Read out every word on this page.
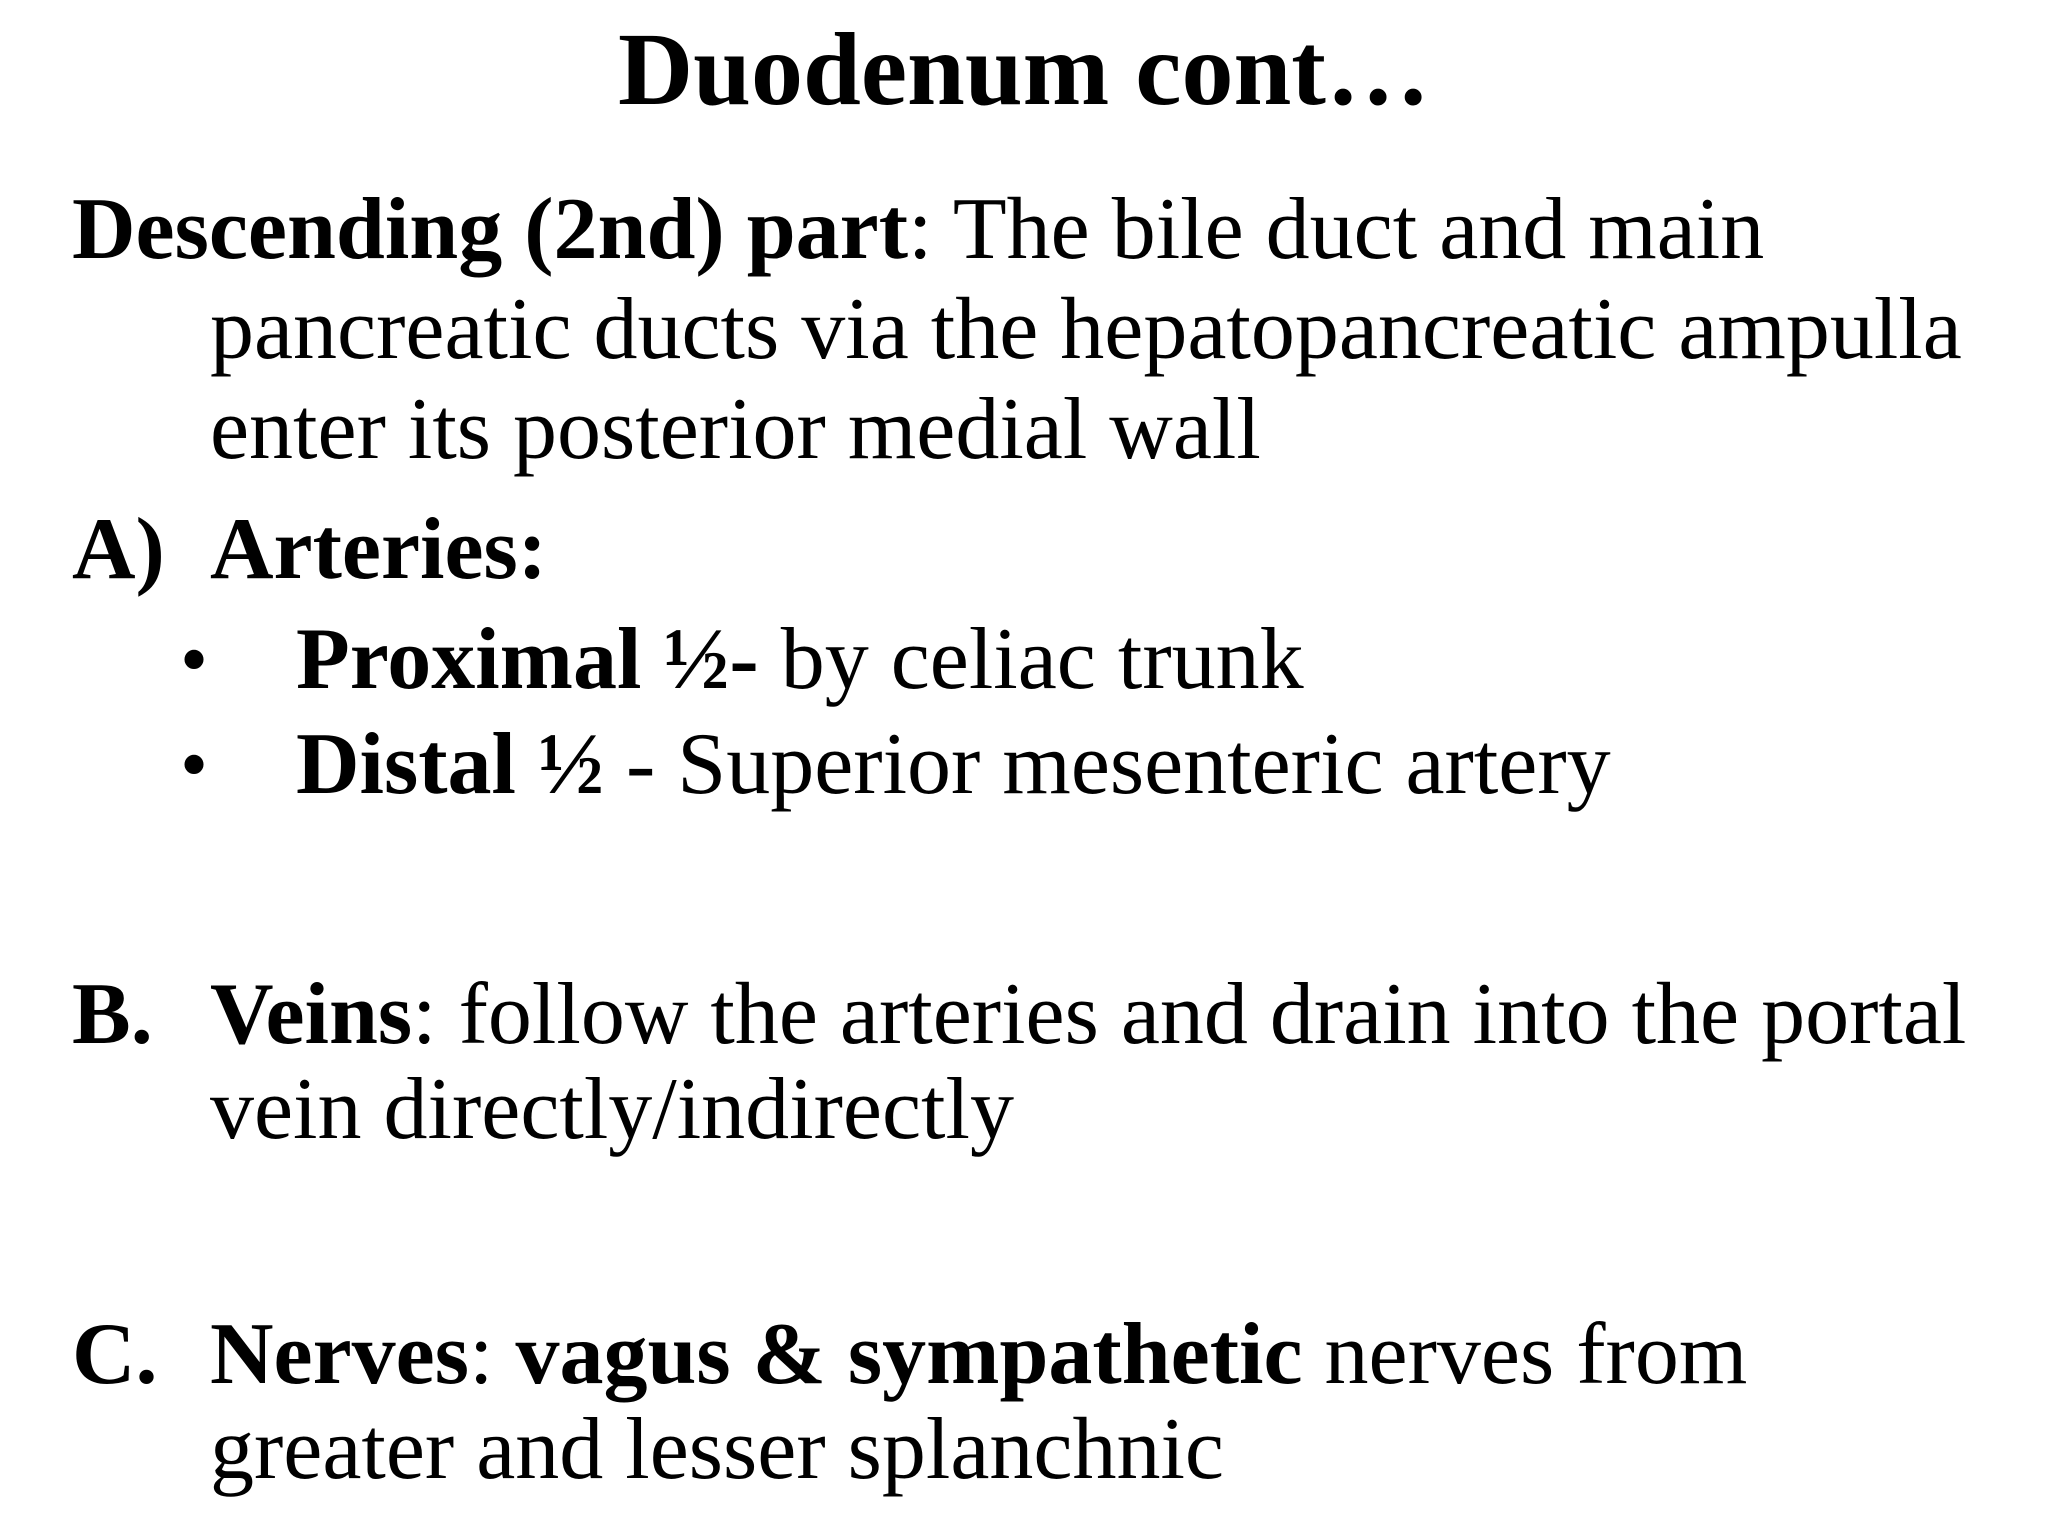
Duodenum cont…
Descending (2nd) part: The bile duct and main
pancreatic ducts via the hepatopancreatic ampulla
enter its posterior medial wall
A) Arteries:
• Proximal ½- by celiac trunk
• Distal ½ - Superior mesenteric artery
B. Veins: follow the arteries and drain into the portal
vein directly/indirectly
C. Nerves: vagus & sympathetic nerves from
greater and lesser splanchnic
